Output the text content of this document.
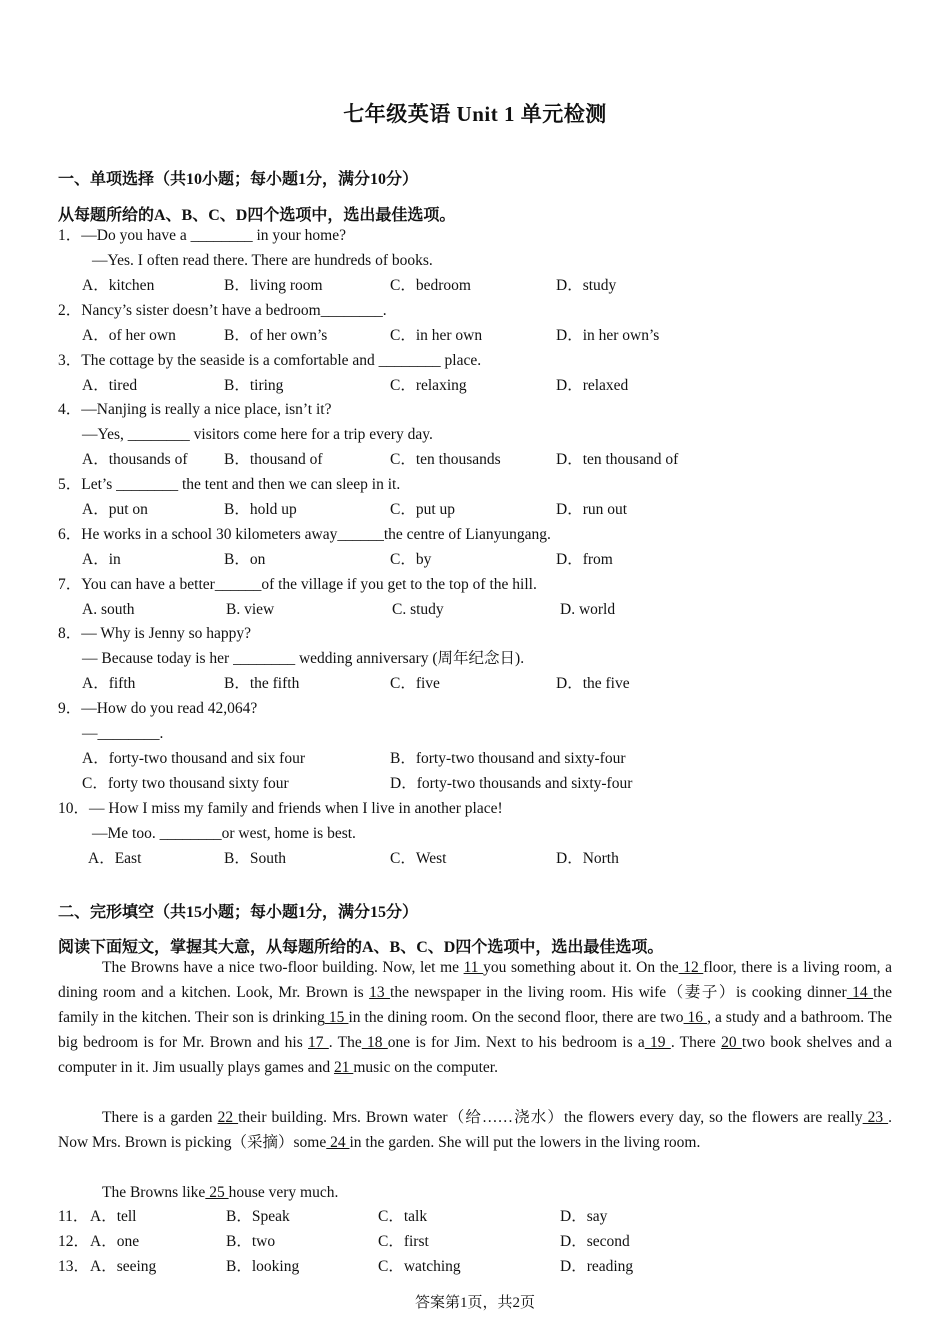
七年级英语 Unit 1 单元检测
一、单项选择（共10小题；每小题1分，满分10分）
从每题所给的A、B、C、D四个选项中，选出最佳选项。
1．—Do you have a ________ in your home?
—Yes. I often read there. There are hundreds of books.
A．kitchen	B．living room	C．bedroom	D．study
2．Nancy’s sister doesn’t have a bedroom________.
A．of her own	B．of her own’s	C．in her own	D．in her own’s
3．The cottage by the seaside is a comfortable and ________ place.
A．tired	B．tiring	C．relaxing	D．relaxed
4．—Nanjing is really a nice place, isn’t it?
—Yes, ________ visitors come here for a trip every day.
A．thousands of B．thousand of	C．ten thousands	D．ten thousand of
5．Let’s ________ the tent and then we can sleep in it.
A．put on	B．hold up	C．put up	D．run out
6．He works in a school 30 kilometers away______the centre of Lianyungang.
A．in	B．on	C．by	D．from
7．You can have a better______of the village if you get to the top of the hill.
A. south	B. view	C. study	D. world
8．— Why is Jenny so happy?
— Because today is her ________ wedding anniversary (周年纪念日).
A．fifth	B．the fifth	C．five	D．the five
9．—How do you read 42,064?
—________.
A．forty-two thousand and six four	B．forty-two thousand and sixty-four
C．forty two thousand sixty four	D．forty-two thousands and sixty-four
10．— How I miss my family and friends when I live in another place!
—Me too. ________or west, home is best.
A．East	B．South	C．West	D．North
二、完形填空（共15小题；每小题1分，满分15分）
阅读下面短文，掌握其大意，从每题所给的A、B、C、D四个选项中，选出最佳选项。
The Browns have a nice two-floor building. Now, let me 11 you something about it. On the 12 floor, there is a living room, a dining room and a kitchen. Look, Mr. Brown is 13 the newspaper in the living room. His wife（妻子）is cooking dinner 14 the family in the kitchen. Their son is drinking 15 in the dining room. On the second floor, there are two 16 , a study and a bathroom. The big bedroom is for Mr. Brown and his 17 . The 18 one is for Jim. Next to his bedroom is a 19 . There 20 two book shelves and a computer in it. Jim usually plays games and 21 music on the computer.
There is a garden 22 their building. Mrs. Brown water（给……浇水）the flowers every day, so the flowers are really 23 . Now Mrs. Brown is picking（采摘）some 24 in the garden. She will put the lowers in the living room.
The Browns like 25 house very much.
11． A．tell	B．Speak	C．talk	D．say
12． A．one	B．two	C．first	D．second
13． A．seeing	B．looking	C．watching	D．reading
答案第1页，共2页
